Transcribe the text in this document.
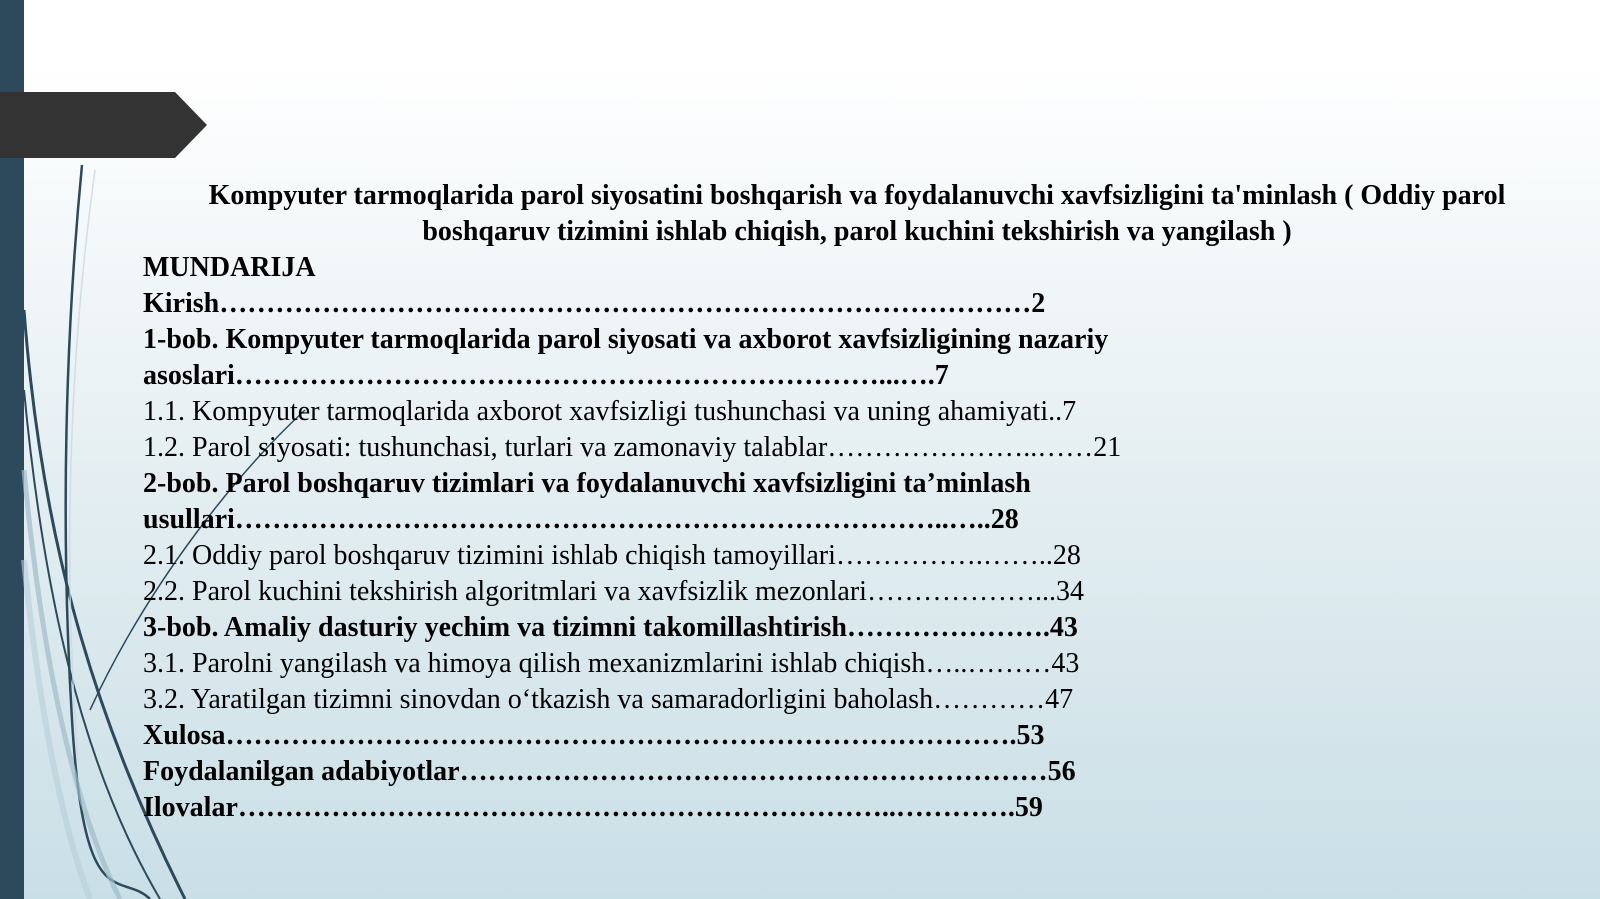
Kompyuter tarmoqlarida parol siyosatini boshqarish va foydalanuvchi xavfsizligini ta'minlash ( Oddiy parol
boshqaruv tizimini ishlab chiqish, parol kuchini tekshirish va yangilash )
MUNDARIJA
Kirish……………………………………………………………………………2
1-bob. Kompyuter tarmoqlarida parol siyosati va axborot xavfsizligining nazariy
asoslari……………………………………………………………...….7
1.1. Kompyuter tarmoqlarida axborot xavfsizligi tushunchasi va uning ahamiyati..7
1.2. Parol siyosati: tushunchasi, turlari va zamonaviy talablar…………………..……21
2-bob. Parol boshqaruv tizimlari va foydalanuvchi xavfsizligini ta’minlash
usullari…………………………………………………………………..…..28
2.1. Oddiy parol boshqaruv tizimini ishlab chiqish tamoyillari…………….……..28
2.2. Parol kuchini tekshirish algoritmlari va xavfsizlik mezonlari………………...34
3-bob. Amaliy dasturiy yechim va tizimni takomillashtirish………………….43
3.1. Parolni yangilash va himoya qilish mexanizmlarini ishlab chiqish…..………43
3.2. Yaratilgan tizimni sinovdan o‘tkazish va samaradorligini baholash…………47
Xulosa………………………………………………………………………….53
Foydalanilgan adabiyotlar………………………………………………………56
Ilovalar……………………………………………………………..………….59
